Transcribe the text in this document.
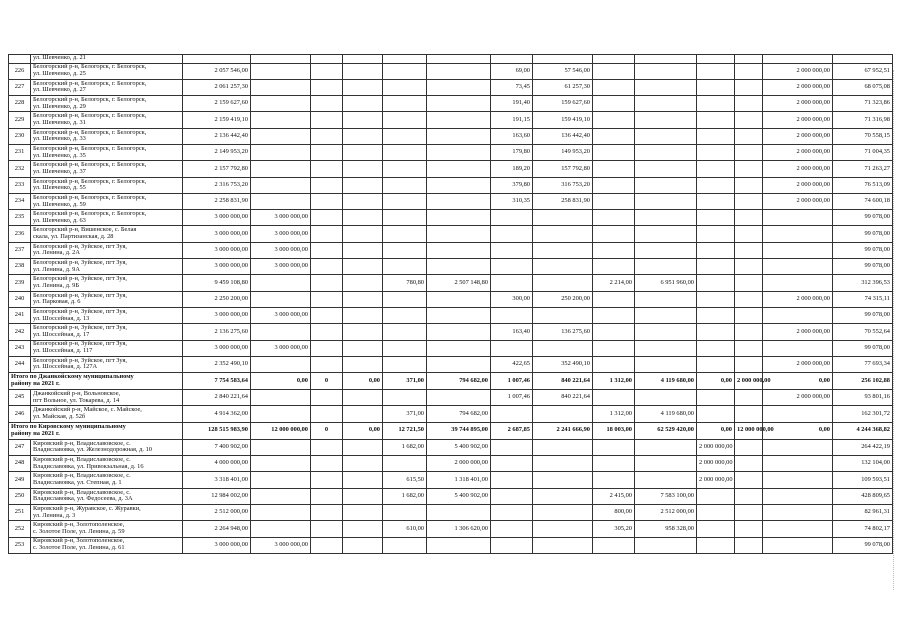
	ул. Шевченко, д. 21														

226	Белогорский р-н, Белогорск, г. Белогорск,
ул. Шевченко, д. 25	2 057 546,00						69,00	57 546,00					2 000 000,00	67 952,51
227	Белогорский р-н, Белогорск, г. Белогорск,
ул. Шевченко, д. 27	2 061 257,30						73,45	61 257,30					2 000 000,00	68 075,08
228	Белогорский р-н, Белогорск, г. Белогорск,
ул. Шевченко, д. 29	2 159 627,60						191,40	159 627,60					2 000 000,00	71 323,86
229	Белогорский р-н, Белогорск, г. Белогорск,
ул. Шевченко, д. 31	2 159 419,10						191,15	159 419,10					2 000 000,00	71 316,98
230	Белогорский р-н, Белогорск, г. Белогорск,
ул. Шевченко, д. 33	2 136 442,40						163,60	136 442,40					2 000 000,00	70 558,15
231	Белогорский р-н, Белогорск, г. Белогорск,
ул. Шевченко, д. 35	2 149 953,20						179,80	149 953,20					2 000 000,00	71 004,35
232	Белогорский р-н, Белогорск, г. Белогорск,
ул. Шевченко, д. 37	2 157 792,80						189,20	157 792,80					2 000 000,00	71 263,27
233	Белогорский р-н, Белогорск, г. Белогорск,
ул. Шевченко, д. 55	2 316 753,20						379,80	316 753,20					2 000 000,00	76 513,09
234	Белогорский р-н, Белогорск, г. Белогорск,
ул. Шевченко, д. 59	2 258 831,90						310,35	258 831,90					2 000 000,00	74 600,18
235	Белогорский р-н, Белогорск, г. Белогорск,
ул. Шевченко, д. 63	3 000 000,00	3 000 000,00												99 078,00
236	Белогорский р-н, Вишенское, с. Белая
скала, ул. Партизанская, д. 28	3 000 000,00	3 000 000,00												99 078,00
237	Белогорский р-н, Зуйское, пгт Зуя,
ул. Ленина, д. 2А	3 000 000,00	3 000 000,00												99 078,00
238	Белогорский р-н, Зуйское, пгт Зуя,
ул. Ленина, д. 9А	3 000 000,00	3 000 000,00												99 078,00
239	Белогорский р-н, Зуйское, пгт Зуя,
ул. Ленина, д. 9Б	9 459 108,80				780,80	2 507 148,80			2 214,00	6 951 960,00				312 396,53
240	Белогорский р-н, Зуйское, пгт Зуя,
ул. Парковая, д. 6	2 250 200,00						300,00	250 200,00					2 000 000,00	74 315,11
241	Белогорский р-н, Зуйское, пгт Зуя,
ул. Шоссейная, д. 13	3 000 000,00	3 000 000,00												99 078,00
242	Белогорский р-н, Зуйское, пгт Зуя,
ул. Шоссейная, д. 17	2 136 275,60						163,40	136 275,60					2 000 000,00	70 552,64
243	Белогорский р-н, Зуйское, пгт Зуя,
ул. Шоссейная, д. 117	3 000 000,00	3 000 000,00												99 078,00
244	Белогорский р-н, Зуйское, пгт Зуя,
ул. Шоссейная, д. 127А	2 352 490,10						422,65	352 490,10					2 000 000,00	77 693,34

Итого по Джанкойскому муниципальному
району на 2021 г.		7 754 583,64	0,00	0	0,00	371,00	794 682,00	1 007,46	840 221,64	1 312,00	4 119 680,00	0,00	2 000 000,00	0,00	256 102,88
245	Джанкойский р-н, Вольновское,
пгт Вольное, ул. Токарева, д. 14	2 840 221,64						1 007,46	840 221,64					2 000 000,00	93 801,16
246	Джанкойский р-н, Майское, с. Майское,
ул. Майская, д. 52б	4 914 362,00				371,00	794 682,00			1 312,00	4 119 680,00				162 301,72

Итого по Кировскому муниципальному
району на 2021 г.		128 515 983,90	12 000 000,00	0	0,00	12 721,50	39 744 895,00	2 687,85	2 241 666,90	18 003,00	62 529 420,00	0,00	12 000 000,00	0,00	4 244 368,82
247	Кировский р-н, Владиславовское, с.
Владиславовка, ул. Железнодорожная, д. 10	7 400 902,00				1 682,00	5 400 902,00					2 000 000,00			264 422,19
248	Кировский р-н, Владиславовское, с.
Владиславовка, ул. Привокзальная, д. 16	4 000 000,00					2 000 000,00					2 000 000,00			132 104,00
249	Кировский р-н, Владиславовское, с.
Владиславовка, ул. Степная, д. 1	3 318 401,00				615,50	1 318 401,00					2 000 000,00			109 593,51
250	Кировский р-н, Владиславовское, с.
Владиславовка, ул. Федосеева, д. 3А	12 984 002,00				1 682,00	5 400 902,00			2 415,00	7 583 100,00				428 809,65
251	Кировский р-н, Журавское, с. Журавки,
ул. Ленина, д. 3	2 512 000,00								800,00	2 512 000,00				82 961,31
252	Кировский р-н, Золотополенское,
с. Золотое Поле, ул. Ленина, д. 59	2 264 948,00				610,00	1 306 620,00			305,20	958 328,00				74 802,17
253	Кировский р-н, Золотополенское,
с. Золотое Поле, ул. Ленина, д. 61	3 000 000,00	3 000 000,00												99 078,00
